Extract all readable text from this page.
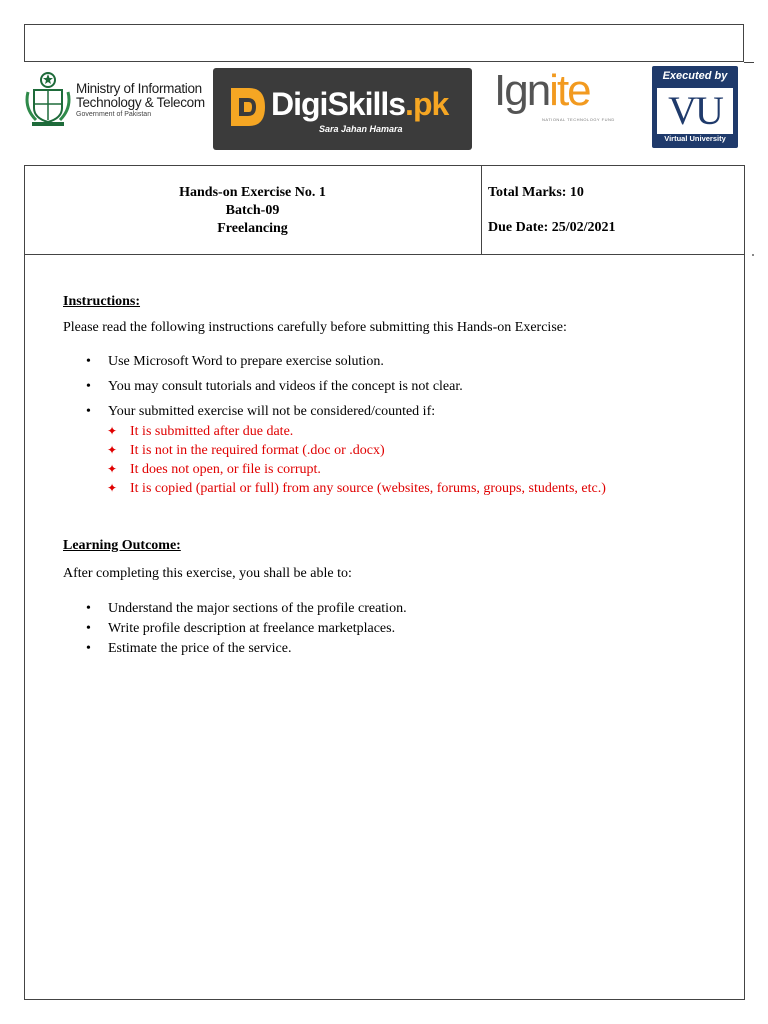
Ministry of Information
Technology & Telecom
Government of Pakistan	DigiSkills.pk
Sara Jahan Hamara
Ignite
NATIONAL TECHNOLOGY FUND
Executed by
VU
Virtual University
Hands-on Exercise No. 1
Batch-09
Freelancing
Total Marks: 10
Due Date: 25/02/2021
Instructions:
Please read the following instructions carefully before submitting this Hands-on Exercise:
• Use Microsoft Word to prepare exercise solution.
• You may consult tutorials and videos if the concept is not clear.
• Your submitted exercise will not be considered/counted if:
✦ It is submitted after due date.
✦ It is not in the required format (.doc or .docx)
✦ It does not open, or file is corrupt.
✦ It is copied (partial or full) from any source (websites, forums, groups, students, etc.)
Learning Outcome:
After completing this exercise, you shall be able to:
• Understand the major sections of the profile creation.
• Write profile description at freelance marketplaces.
• Estimate the price of the service.
